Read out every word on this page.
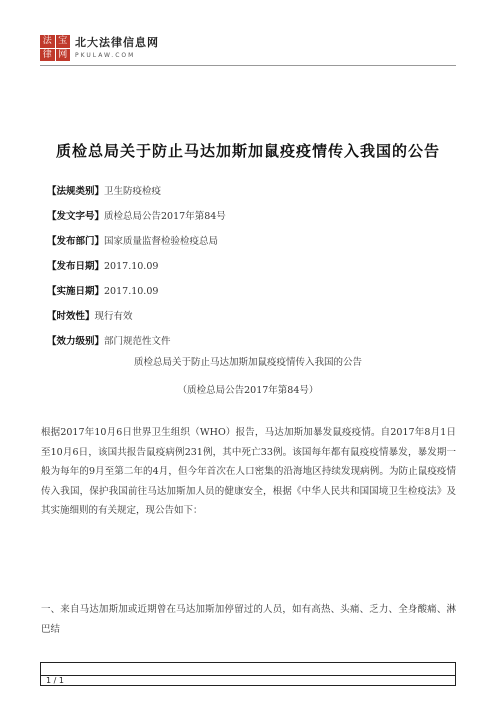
法 宝
律 网
北大法律信息网
PKULAW.COM
质检总局关于防止马达加斯加鼠疫疫情传入我国的公告
【法规类别】卫生防疫检疫
【发文字号】质检总局公告2017年第84号
【发布部门】国家质量监督检验检疫总局
【发布日期】2017.10.09
【实施日期】2017.10.09
【时效性】现行有效
【效力级别】部门规范性文件
质检总局关于防止马达加斯加鼠疫疫情传入我国的公告
（质检总局公告2017年第84号）

根据2017年10月6日世界卫生组织（WHO）报告，马达加斯加暴发鼠疫疫情。自2017年8月1日至10月6日，该国共报告鼠疫病例231例，其中死亡33例。该国每年都有鼠疫疫情暴发，暴发期一般为每年的9月至第二年的4月，但今年首次在人口密集的沿海地区持续发现病例。为防止鼠疫疫情传入我国，保护我国前往马达加斯加人员的健康安全，根据《中华人民共和国国境卫生检疫法》及其实施细则的有关规定，现公告如下：

一、来自马达加斯加或近期曾在马达加斯加停留过的人员，如有高热、头痛、乏力、全身酸痛、淋巴结

1 / 1
